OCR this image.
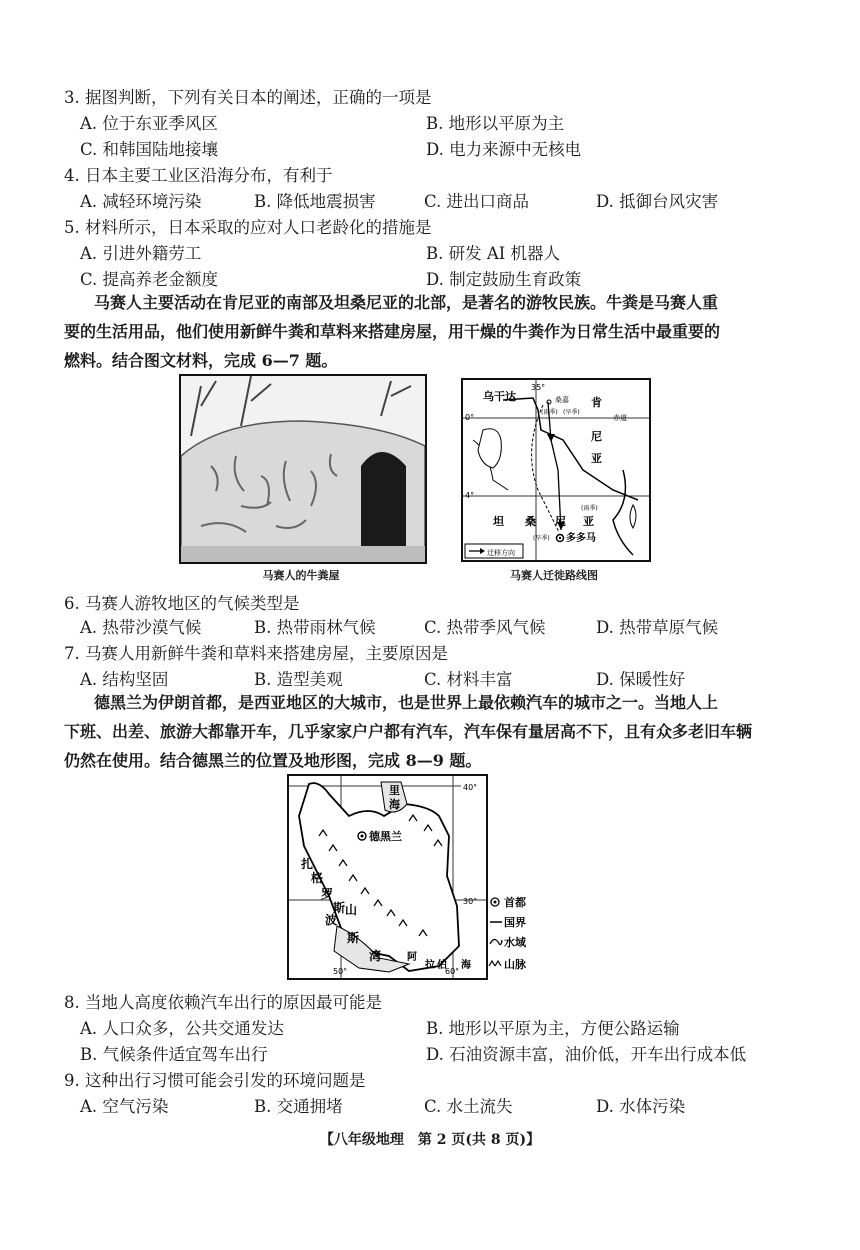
3. 据图判断，下列有关日本的阐述，正确的一项是
A. 位于东亚季风区	B. 地形以平原为主
C. 和韩国陆地接壤	D. 电力来源中无核电
4. 日本主要工业区沿海分布，有利于
A. 减轻环境污染	B. 降低地震损害	C. 进出口商品	D. 抵御台风灾害
5. 材料所示，日本采取的应对人口老龄化的措施是
A. 引进外籍劳工	B. 研发 AI 机器人
C. 提高养老金额度	D. 制定鼓励生育政策
马赛人主要活动在肯尼亚的南部及坦桑尼亚的北部，是著名的游牧民族。牛粪是马赛人重
要的生活用品，他们使用新鲜牛粪和草料来搭建房屋，用干燥的牛粪作为日常生活中最重要的
燃料。结合图文材料，完成 6—7 题。
马赛人的牛粪屋
35°
0°
4°
乌干达
赤道
桑嘉
(雨季) (旱季)
肯
尼
亚
坦 桑 尼 亚
(雨季)
(旱季) 多多马
迁移方向
马赛人迁徙路线图
6. 马赛人游牧地区的气候类型是
A. 热带沙漠气候	B. 热带雨林气候	C. 热带季风气候	D. 热带草原气候
7. 马赛人用新鲜牛粪和草料来搭建房屋，主要原因是
A. 结构坚固	B. 造型美观	C. 材料丰富	D. 保暖性好
德黑兰为伊朗首都，是西亚地区的大城市，也是世界上最依赖汽车的城市之一。当地人上
下班、出差、旅游大都靠开车，几乎家家户户都有汽车，汽车保有量居高不下，且有众多老旧车辆
仍然在使用。结合德黑兰的位置及地形图，完成 8—9 题。
里
海
德黑兰
40°
30°
50°	60°
扎
格
罗
斯 山
波
斯
湾	阿
拉 伯 海
首都
国界
水域
山脉
8. 当地人高度依赖汽车出行的原因最可能是
A. 人口众多，公共交通发达	B. 地形以平原为主，方便公路运输
B. 气候条件适宜驾车出行	D. 石油资源丰富，油价低，开车出行成本低
9. 这种出行习惯可能会引发的环境问题是
A. 空气污染	B. 交通拥堵	C. 水土流失	D. 水体污染
【八年级地理　第 2 页(共 8 页)】
